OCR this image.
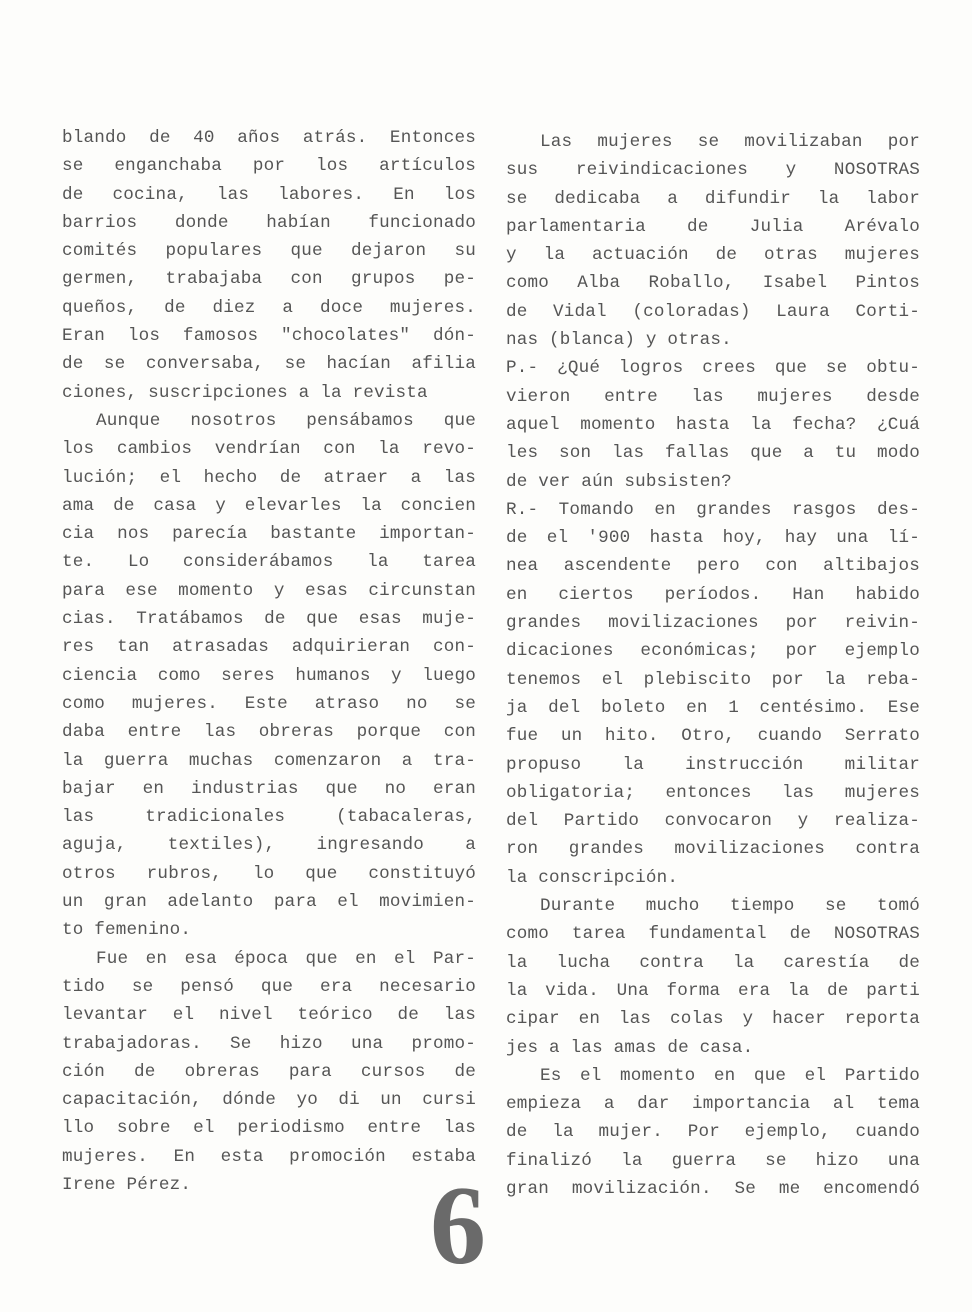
blando de 40 años atrás. Entonces
se enganchaba por los artículos
de cocina, las labores. En los
barrios donde habían funcionado
comités populares que dejaron su
germen, trabajaba con grupos pe-
queños, de diez a doce mujeres.
Eran los famosos "chocolates" dón-
de se conversaba, se hacían afilia
ciones, suscripciones a la revista
Aunque nosotros pensábamos que
los cambios vendrían con la revo-
lución; el hecho de atraer a las
ama de casa y elevarles la concien
cia nos parecía bastante importan-
te. Lo considerábamos la tarea
para ese momento y esas circunstan
cias. Tratábamos de que esas muje-
res tan atrasadas adquirieran con-
ciencia como seres humanos y luego
como mujeres. Este atraso no se
daba entre las obreras porque con
la guerra muchas comenzaron a tra-
bajar en industrias que no eran
las tradicionales (tabacaleras,
aguja, textiles), ingresando a
otros rubros, lo que constituyó
un gran adelanto para el movimien-
to femenino.
Fue en esa época que en el Par-
tido se pensó que era necesario
levantar el nivel teórico de las
trabajadoras. Se hizo una promo-
ción de obreras para cursos de
capacitación, dónde yo di un cursi
llo sobre el periodismo entre las
mujeres. En esta promoción estaba
Irene Pérez.
Las mujeres se movilizaban por
sus reivindicaciones y NOSOTRAS
se dedicaba a difundir la labor
parlamentaria de Julia Arévalo
y la actuación de otras mujeres
como Alba Roballo, Isabel Pintos
de Vidal (coloradas) Laura Corti-
nas (blanca) y otras.
P.- ¿Qué logros crees que se obtu-
vieron entre las mujeres desde
aquel momento hasta la fecha? ¿Cuá
les son las fallas que a tu modo
de ver aún subsisten?
R.- Tomando en grandes rasgos des-
de el '900 hasta hoy, hay una lí-
nea ascendente pero con altibajos
en ciertos períodos. Han habido
grandes movilizaciones por reivin-
dicaciones económicas; por ejemplo
tenemos el plebiscito por la reba-
ja del boleto en 1 centésimo. Ese
fue un hito. Otro, cuando Serrato
propuso la instrucción militar
obligatoria; entonces las mujeres
del Partido convocaron y realiza-
ron grandes movilizaciones contra
la conscripción.
Durante mucho tiempo se tomó
como tarea fundamental de NOSOTRAS
la lucha contra la carestía de
la vida. Una forma era la de parti
cipar en las colas y hacer reporta
jes a las amas de casa.
Es el momento en que el Partido
empieza a dar importancia al tema
de la mujer. Por ejemplo, cuando
finalizó la guerra se hizo una
gran movilización. Se me encomendó
6
